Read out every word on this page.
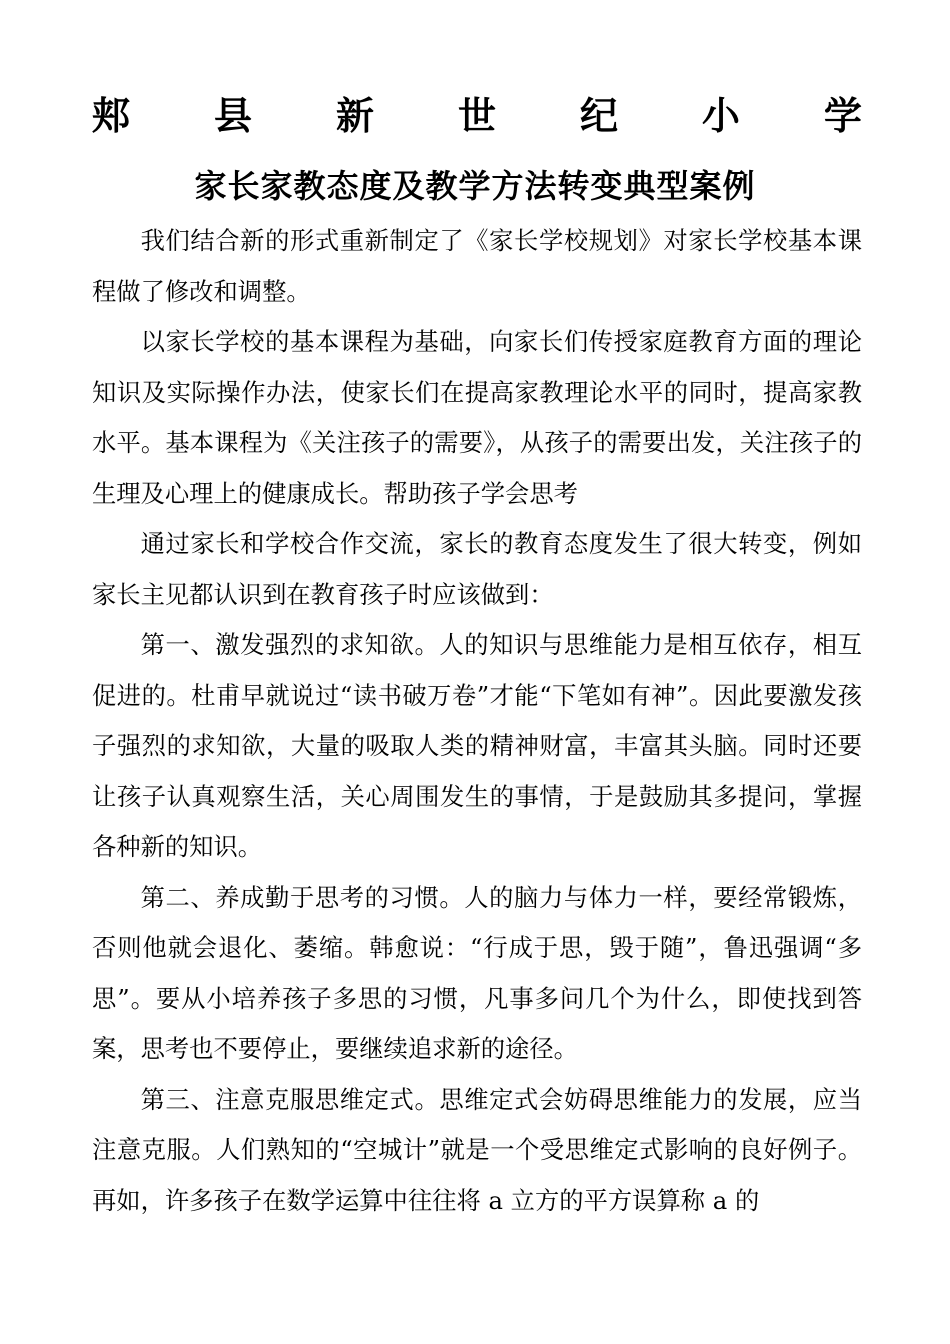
郏 县 新 世 纪 小 学
家长家教态度及教学方法转变典型案例

我们结合新的形式重新制定了《家长学校规划》对家长学校基本课程做了修改和调整。

以家长学校的基本课程为基础，向家长们传授家庭教育方面的理论知识及实际操作办法，使家长们在提高家教理论水平的同时，提高家教水平。基本课程为《关注孩子的需要》，从孩子的需要出发，关注孩子的生理及心理上的健康成长。帮助孩子学会思考

通过家长和学校合作交流，家长的教育态度发生了很大转变，例如家长主见都认识到在教育孩子时应该做到：

第一、激发强烈的求知欲。人的知识与思维能力是相互依存，相互促进的。杜甫早就说过“读书破万卷”才能“下笔如有神”。因此要激发孩子强烈的求知欲，大量的吸取人类的精神财富，丰富其头脑。同时还要让孩子认真观察生活，关心周围发生的事情，于是鼓励其多提问，掌握各种新的知识。

第二、养成勤于思考的习惯。人的脑力与体力一样，要经常锻炼，否则他就会退化、萎缩。韩愈说：“行成于思，毁于随”，鲁迅强调“多思”。要从小培养孩子多思的习惯，凡事多问几个为什么，即使找到答案，思考也不要停止，要继续追求新的途径。

第三、注意克服思维定式。思维定式会妨碍思维能力的发展，应当注意克服。人们熟知的“空城计”就是一个受思维定式影响的良好例子。再如，许多孩子在数学运算中往往将 a 立方的平方误算称 a 的
